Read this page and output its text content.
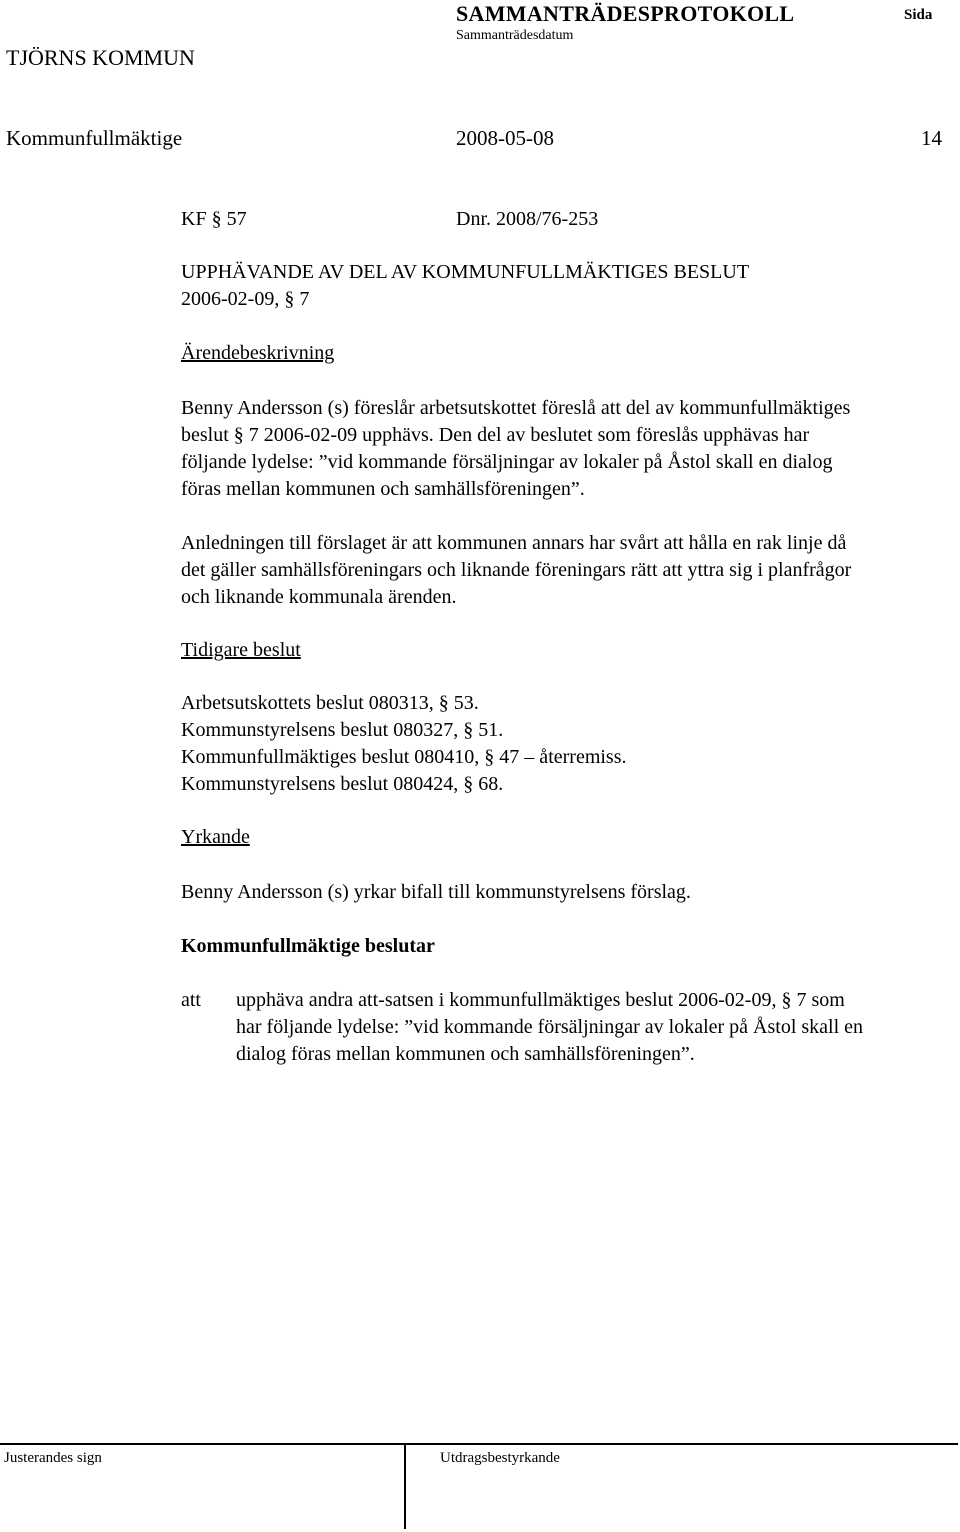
SAMMANTRÄDESPROTOKOLL
Sammanträdesdatum
Sida
TJÖRNS KOMMUN
Kommunfullmäktige	2008-05-08	14
KF § 57	Dnr. 2008/76-253
UPPHÄVANDE AV DEL AV KOMMUNFULLMÄKTIGES BESLUT
2006-02-09, § 7
Ärendebeskrivning
Benny Andersson (s) föreslår arbetsutskottet föreslå att del av kommunfullmäktiges
beslut § 7 2006-02-09 upphävs. Den del av beslutet som föreslås upphävas har
följande lydelse: ”vid kommande försäljningar av lokaler på Åstol skall en dialog
föras mellan kommunen och samhällsföreningen”.
Anledningen till förslaget är att kommunen annars har svårt att hålla en rak linje då
det gäller samhällsföreningars och liknande föreningars rätt att yttra sig i planfrågor
och liknande kommunala ärenden.
Tidigare beslut
Arbetsutskottets beslut 080313, § 53.
Kommunstyrelsens beslut 080327, § 51.
Kommunfullmäktiges beslut 080410, § 47 – återremiss.
Kommunstyrelsens beslut 080424, § 68.
Yrkande
Benny Andersson (s) yrkar bifall till kommunstyrelsens förslag.
Kommunfullmäktige beslutar
att upphäva andra att-satsen i kommunfullmäktiges beslut 2006-02-09, § 7 som
har följande lydelse: ”vid kommande försäljningar av lokaler på Åstol skall en
dialog föras mellan kommunen och samhällsföreningen”.
Justerandes sign	Utdragsbestyrkande
